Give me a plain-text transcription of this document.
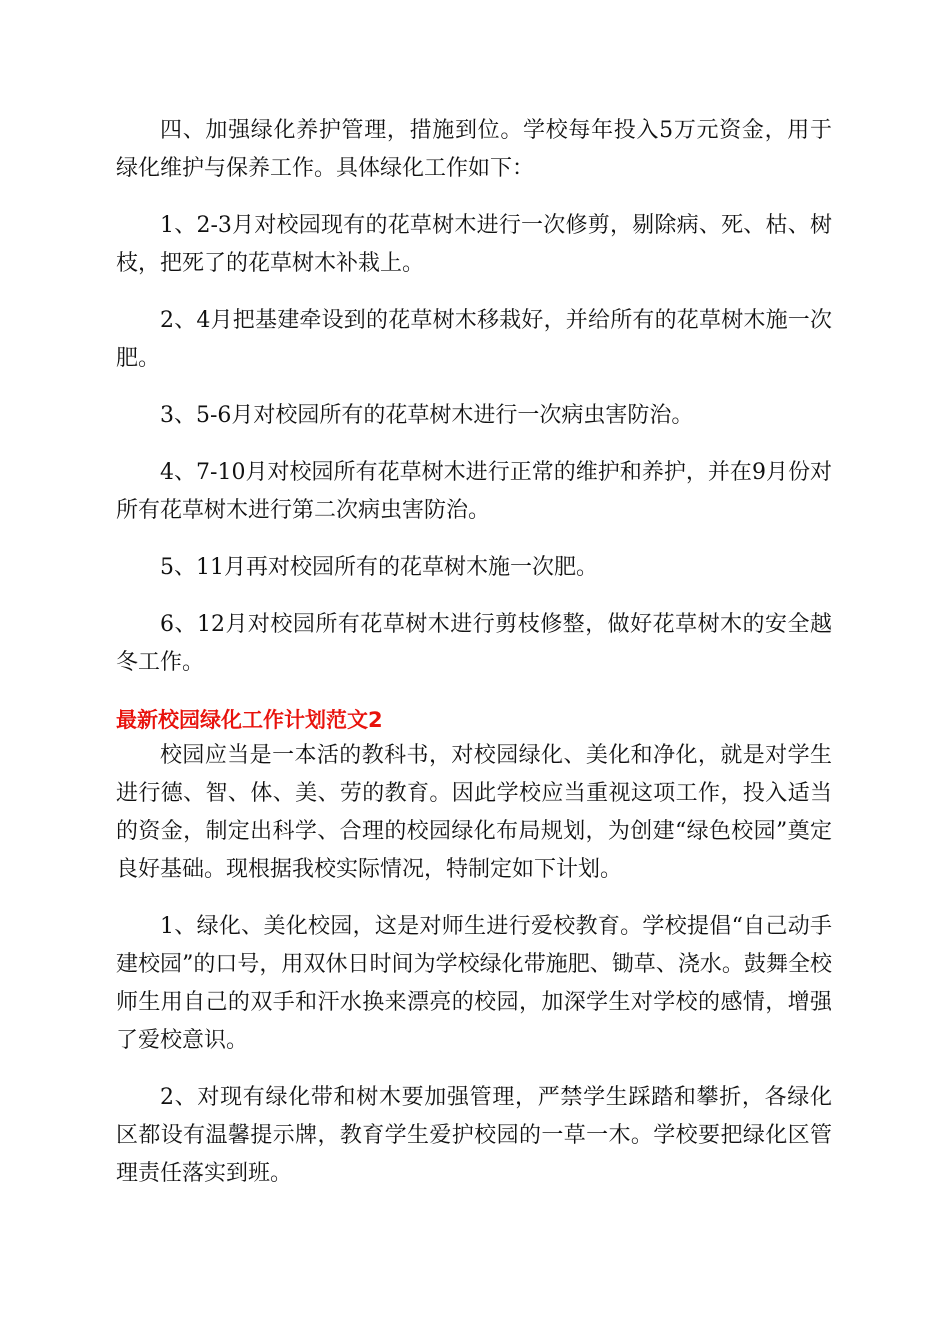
四、加强绿化养护管理，措施到位。学校每年投入5万元资金，用于绿化维护与保养工作。具体绿化工作如下：

1、2-3月对校园现有的花草树木进行一次修剪，剔除病、死、枯、树枝，把死了的花草树木补栽上。

2、4月把基建牵设到的花草树木移栽好，并给所有的花草树木施一次肥。

3、5-6月对校园所有的花草树木进行一次病虫害防治。

4、7-10月对校园所有花草树木进行正常的维护和养护，并在9月份对所有花草树木进行第二次病虫害防治。

5、11月再对校园所有的花草树木施一次肥。

6、12月对校园所有花草树木进行剪枝修整，做好花草树木的安全越冬工作。

最新校园绿化工作计划范文2

校园应当是一本活的教科书，对校园绿化、美化和净化，就是对学生进行德、智、体、美、劳的教育。因此学校应当重视这项工作，投入适当的资金，制定出科学、合理的校园绿化布局规划，为创建“绿色校园”奠定良好基础。现根据我校实际情况，特制定如下计划。

1、绿化、美化校园，这是对师生进行爱校教育。学校提倡“自己动手建校园”的口号，用双休日时间为学校绿化带施肥、锄草、浇水。鼓舞全校师生用自己的双手和汗水换来漂亮的校园，加深学生对学校的感情，增强了爱校意识。

2、对现有绿化带和树木要加强管理，严禁学生踩踏和攀折，各绿化区都设有温馨提示牌，教育学生爱护校园的一草一木。学校要把绿化区管理责任落实到班。
